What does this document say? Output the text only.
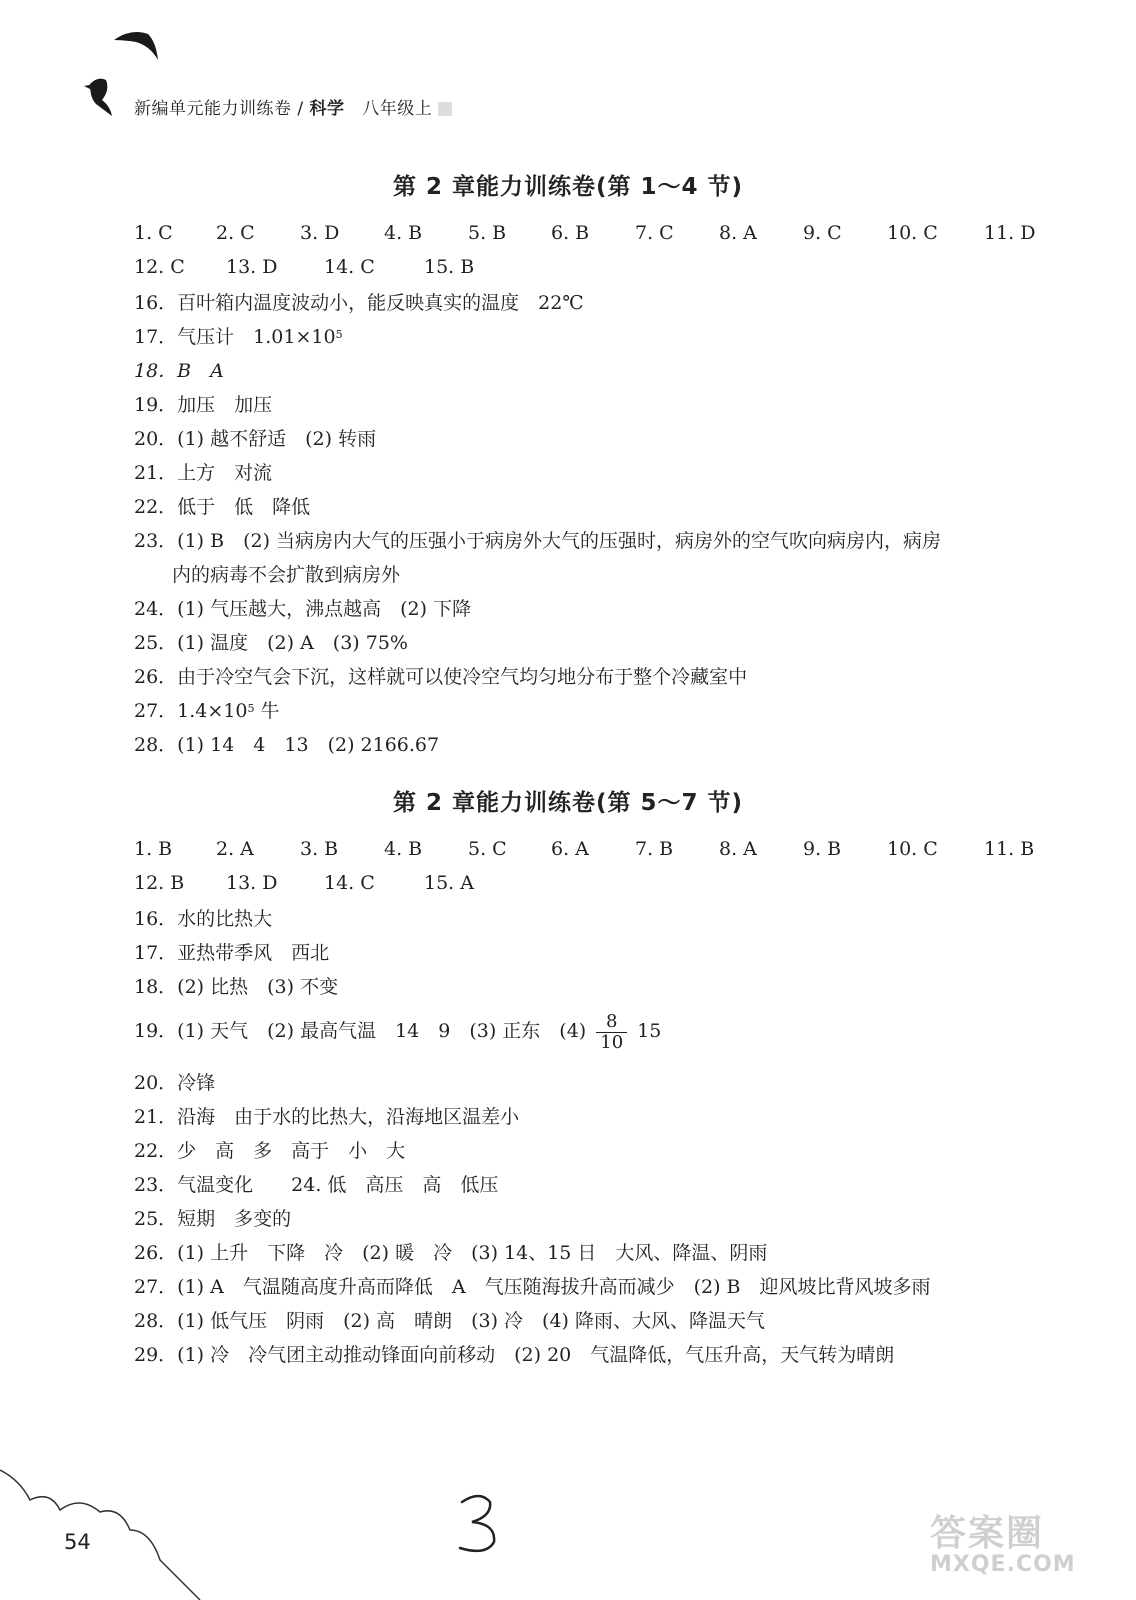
新编单元能力训练卷 / 科学 八年级上
第 2 章能力训练卷(第 1～4 节)
1. C 2. C 3. D 4. B 5. B 6. B 7. C 8. A 9. C 10. C 11. D
12. C 13. D 14. C	15. B
16．百叶箱内温度波动小，能反映真实的温度　22℃
17．气压计　$1.01\times 10^5$
18．B　A
19．加压　加压
20．(1) 越不舒适　(2) 转雨
21．上方　对流
22．低于　低　降低
23．(1) B　(2) 当病房内大气的压强小于病房外大气的压强时，病房外的空气吹向病房内，病房
内的病毒不会扩散到病房外
24．(1) 气压越大，沸点越高　(2) 下降
25．(1) 温度　(2) A　(3) 75%
26．由于冷空气会下沉，这样就可以使冷空气均匀地分布于整个冷藏室中
27．$1.4\times 10^5$ 牛
28．(1) 14　4　13　(2) 2166.67
第 2 章能力训练卷(第 5～7 节)
1. B 2. A 3. B 4. B 5. C 6. A 7. B 8. A 9. B 10. C 11. B
12. B 13. D 14. C	15. A
16．水的比热大
17．亚热带季风　西北
18．(2) 比热　(3) 不变
19．(1) 天气　(2) 最高气温　14　9　(3) 正东　$(4) \frac{8}{10} 15$
20．冷锋
21．沿海　由于水的比热大，沿海地区温差小
22．少　高　多　高于　小　大
23．气温变化　　24. 低　高压　高　低压
25．短期　多变的
26．(1) 上升　下降　冷　(2) 暖　冷　(3) 14、15 日　大风、降温、阴雨
27．(1) A　气温随高度升高而降低　A　气压随海拔升高而减少　(2) B　迎风坡比背风坡多雨
28．(1) 低气压　阴雨　(2) 高　晴朗　(3) 冷　(4) 降雨、大风、降温天气
29．(1) 冷　冷气团主动推动锋面向前移动　(2) 20　气温降低，气压升高，天气转为晴朗
54	答案圈
MXQE.COM
